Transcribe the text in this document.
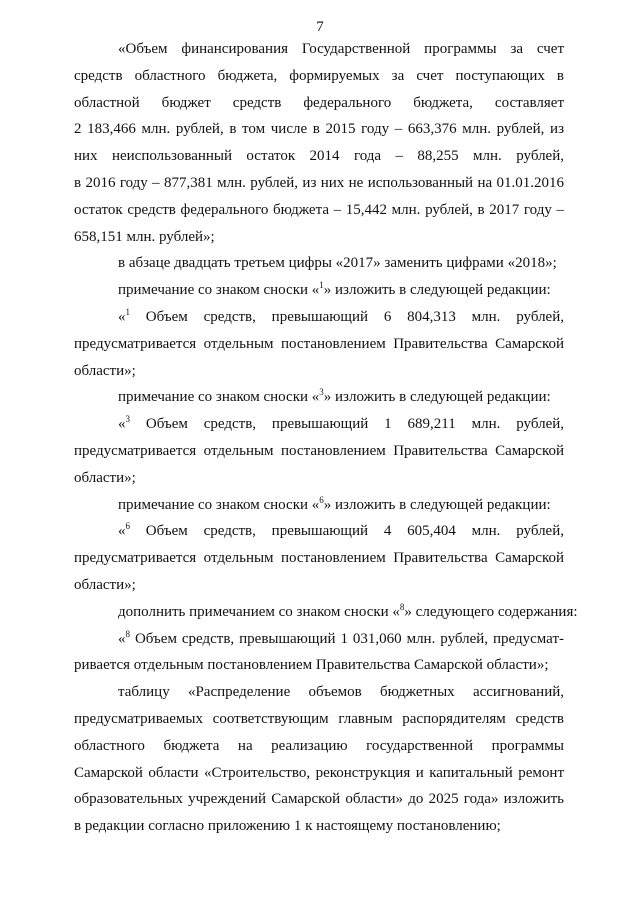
7
«Объем финансирования Государственной программы за счет
средств областного бюджета, формируемых за счет поступающих в
областной бюджет средств федерального бюджета, составляет
2 183,466 млн. рублей, в том числе в 2015 году – 663,376 млн. рублей, из
них неиспользованный остаток 2014 года – 88,255 млн. рублей,
в 2016 году – 877,381 млн. рублей, из них не использованный на 01.01.2016
остаток средств федерального бюджета – 15,442 млн. рублей, в 2017 году –
658,151 млн. рублей»;
в абзаце двадцать третьем цифры «2017» заменить цифрами «2018»;
примечание со знаком сноски «$^1$» изложить в следующей редакции:
«$^1$ Объем средств, превышающий 6 804,313 млн. рублей,
предусматривается отдельным постановлением Правительства Самарской
области»;
примечание со знаком сноски «$^3$» изложить в следующей редакции:
«$^3$ Объем средств, превышающий 1 689,211 млн. рублей,
предусматривается отдельным постановлением Правительства Самарской
области»;
примечание со знаком сноски «$^6$» изложить в следующей редакции:
«$^6$ Объем средств, превышающий 4 605,404 млн. рублей,
предусматривается отдельным постановлением Правительства Самарской
области»;
дополнить примечанием со знаком сноски «$^8$» следующего содержания:
«$^8$ Объем средств, превышающий 1 031,060 млн. рублей, предусмат-
ривается отдельным постановлением Правительства Самарской области»;
таблицу «Распределение объемов бюджетных ассигнований,
предусматриваемых соответствующим главным распорядителям средств
областного бюджета на реализацию государственной программы
Самарской области «Строительство, реконструкция и капитальный ремонт
образовательных учреждений Самарской области» до 2025 года» изложить
в редакции согласно приложению 1 к настоящему постановлению;
